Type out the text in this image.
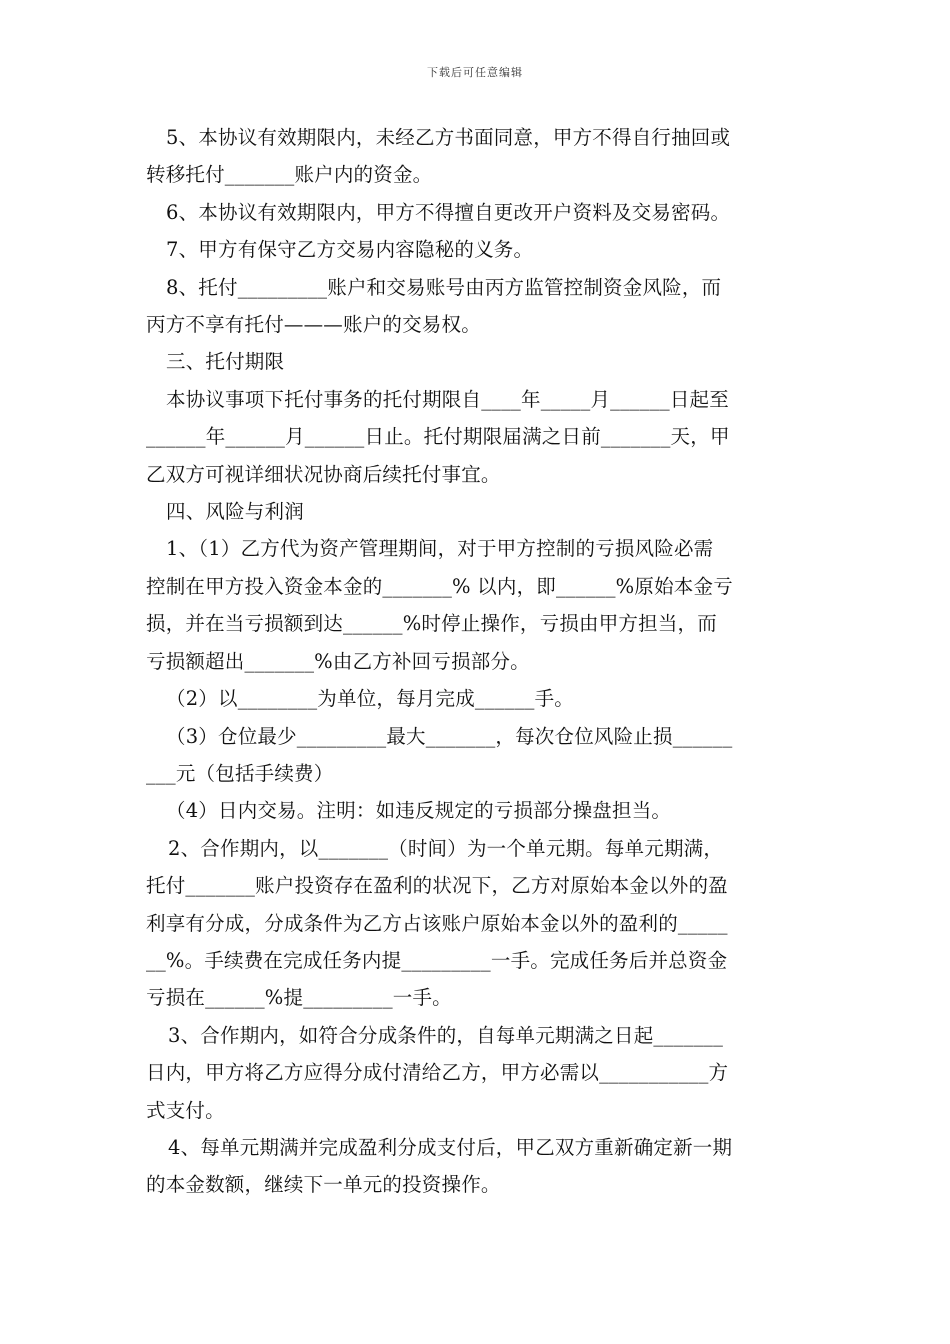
下载后可任意编辑

5、本协议有效期限内，未经乙方书面同意，甲方不得自行抽回或

转移托付_______账户内的资金。

6、本协议有效期限内，甲方不得擅自更改开户资料及交易密码。

7、甲方有保守乙方交易内容隐秘的义务。

8、托付_________账户和交易账号由丙方监管控制资金风险，而

丙方不享有托付———账户的交易权。

三、托付期限

本协议事项下托付事务的托付期限自____年_____月______日起至

______年______月______日止。托付期限届满之日前_______天，甲

乙双方可视详细状况协商后续托付事宜。

四、风险与利润

1、（1）乙方代为资产管理期间，对于甲方控制的亏损风险必需

控制在甲方投入资金本金的_______% 以内，即______%原始本金亏

损，并在当亏损额到达______%时停止操作，亏损由甲方担当，而

亏损额超出_______%由乙方补回亏损部分。

（2）以________为单位，每月完成______手。

（3）仓位最少_________最大_______，每次仓位风险止损______

___元（包括手续费）

（4）日内交易。注明：如违反规定的亏损部分操盘担当。

2、合作期内，以_______（时间）为一个单元期。每单元期满，

托付_______账户投资存在盈利的状况下，乙方对原始本金以外的盈

利享有分成，分成条件为乙方占该账户原始本金以外的盈利的_____

__%。手续费在完成任务内提_________一手。完成任务后并总资金

亏损在______%提_________一手。

3、合作期内，如符合分成条件的，自每单元期满之日起_______

日内，甲方将乙方应得分成付清给乙方，甲方必需以___________方

式支付。

4、每单元期满并完成盈利分成支付后，甲乙双方重新确定新一期

的本金数额，继续下一单元的投资操作。
